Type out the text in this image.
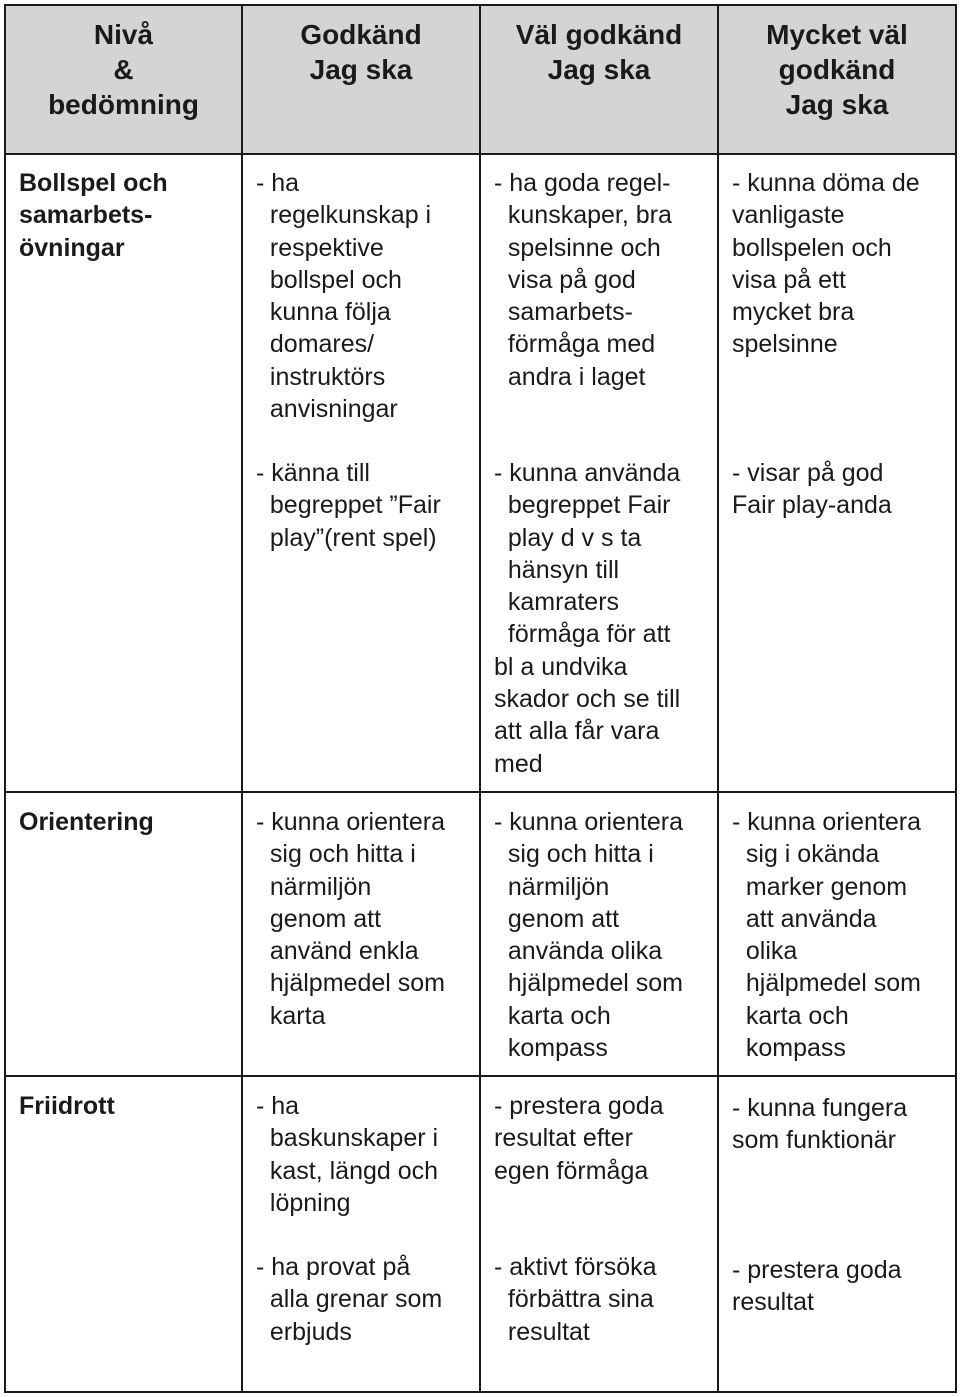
Nivå
&
bedömning
Godkänd
Jag ska
Väl godkänd
Jag ska
Mycket väl
godkänd
Jag ska
Bollspel och
samarbets-
övningar
- ha
regelkunskap i
respektive
bollspel och
kunna följa
domares/
instruktörs
anvisningar
- ha goda regel-
kunskaper, bra
spelsinne och
visa på god
samarbets-
förmåga med
andra i laget
- kunna döma de
vanligaste
bollspelen och
visa på ett
mycket bra
spelsinne
- känna till
begreppet ”Fair
play”(rent spel)
- kunna använda
begreppet Fair
play d v s ta
hänsyn till
kamraters
förmåga för att
bl a undvika
skador och se till
att alla får vara
med
- visar på god
Fair play-anda
Orientering	- kunna orientera
sig och hitta i
närmiljön
genom att
använd enkla
hjälpmedel som
karta
- kunna orientera
sig och hitta i
närmiljön
genom att
använda olika
hjälpmedel som
karta och
kompass
- kunna orientera
sig i okända
marker genom
att använda
olika
hjälpmedel som
karta och
kompass
Friidrott	- ha
baskunskaper i
kast, längd och
löpning
- prestera goda
resultat efter
egen förmåga
- kunna fungera
som funktionär
- ha provat på
alla grenar som
erbjuds
- aktivt försöka
förbättra sina
resultat
- prestera goda
resultat
